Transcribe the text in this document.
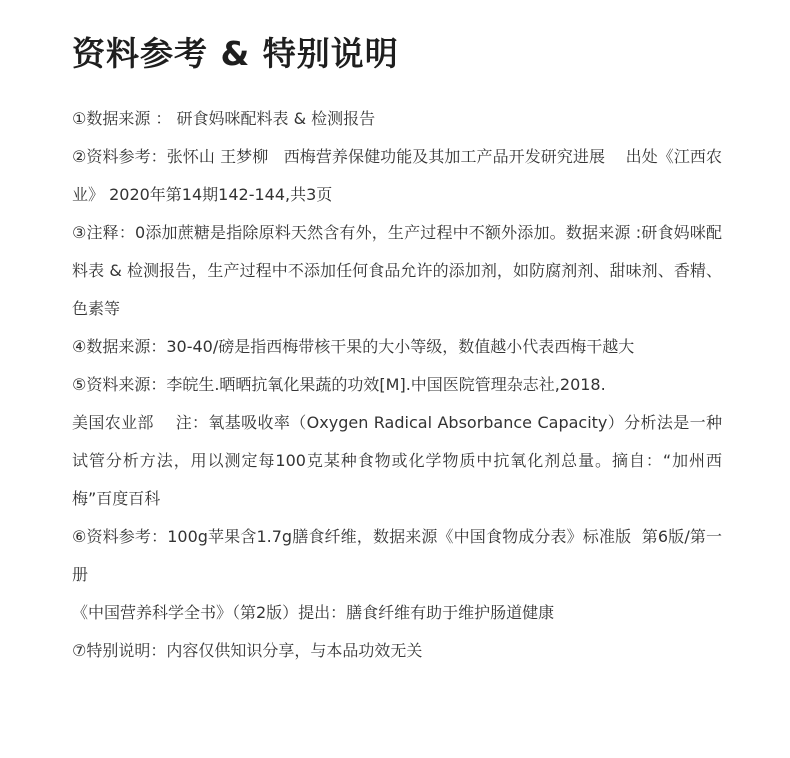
资料参考 & 特别说明
①数据来源 ： 研食妈咪配料表 & 检测报告
②资料参考：张怀山 王梦柳   西梅营养保健功能及其加工产品开发研究进展    出处《江西农业》 2020年第14期142-144,共3页
③注释：0添加蔗糖是指除原料天然含有外，生产过程中不额外添加。数据来源 :研食妈咪配料表 & 检测报告，生产过程中不添加任何食品允许的添加剂，如防腐剂剂、甜味剂、香精、色素等
④数据来源：30-40/磅是指西梅带核干果的大小等级，数值越小代表西梅干越大
⑤资料来源：李皖生.晒晒抗氧化果蔬的功效[M].中国医院管理杂志社,2018.
美国农业部    注：氧基吸收率（Oxygen Radical Absorbance Capacity）分析法是一种试管分析方法，用以测定每100克某种食物或化学物质中抗氧化剂总量。摘自：“加州西梅”百度百科
⑥资料参考：100g苹果含1.7g膳食纤维，数据来源《中国食物成分表》标准版  第6版/第一册
《中国营养科学全书》（第2版）提出：膳食纤维有助于维护肠道健康
⑦特别说明：内容仅供知识分享，与本品功效无关
